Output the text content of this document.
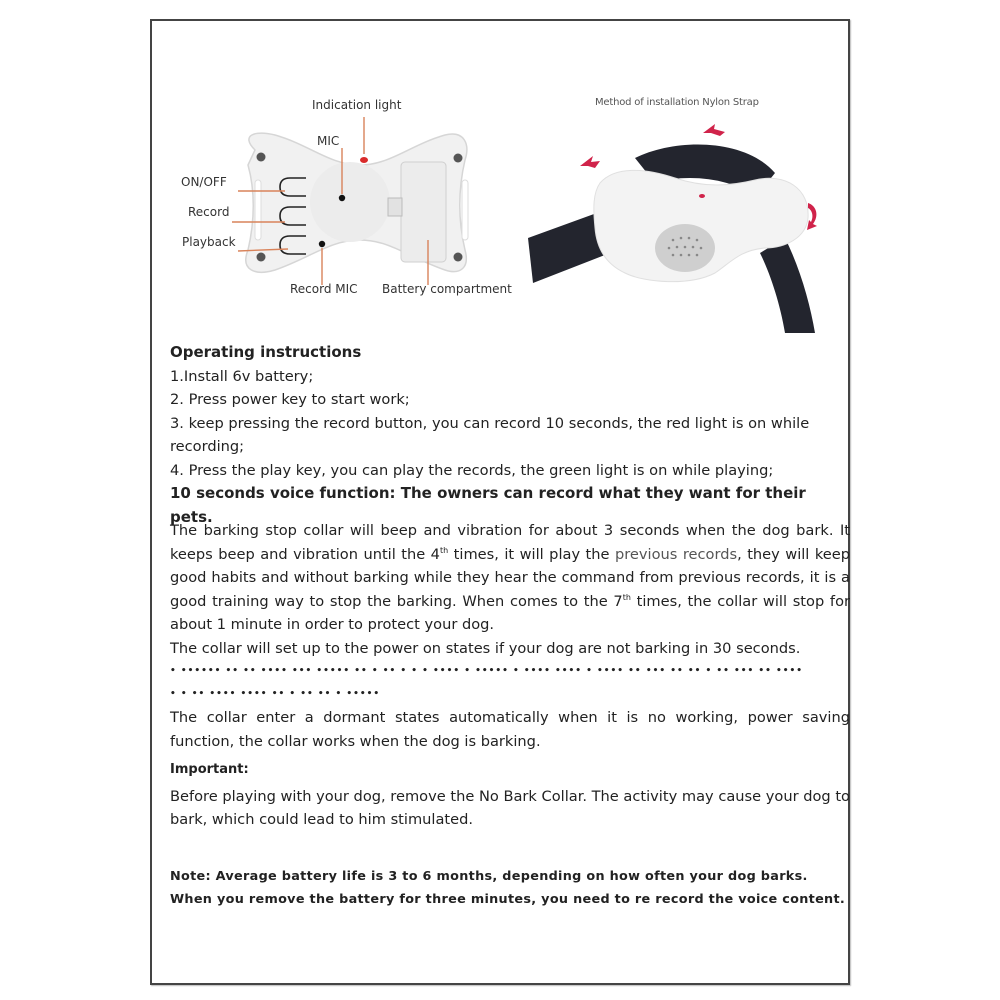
Indication light
MIC
ON/OFF
Record
Playback
Record MIC Battery compartment
Method of installation Nylon Strap

Operating instructions

1.Install 6v battery;

2. Press power key to start work;

3. keep pressing the record button, you can record 10 seconds, the red light is on while recording;

4. Press the play key, you can play the records, the green light is on while playing;

10 seconds voice function: The owners can record what they want for their pets.

The barking stop collar will beep and vibration for about 3 seconds when the dog bark. It keeps beep and vibration until the 4th times, it will play the previous records, they will keep good habits and without barking while they hear the command from previous records, it is a good training way to stop the barking. When comes to the 7th times, the collar will stop for about 1 minute in order to protect your dog.

The collar will set up to the power on states if your dog are not barking in 30 seconds.

• •••••• •• •• •••• ••• ••••• •• • •• • • • •••• • ••••• • •••• •••• • •••• •• ••• •• •• • •• ••• •• ••••

• • •• •••• •••• •• • •• •• • •••••

The collar enter a dormant states automatically when it is no working, power saving function, the collar works when the dog is barking.

Important:

Before playing with your dog, remove the No Bark Collar. The activity may cause your dog to bark, which could lead to him stimulated.

Note: Average battery life is 3 to 6 months, depending on how often your dog barks.

When you remove the battery for three minutes, you need to re record the voice content.
